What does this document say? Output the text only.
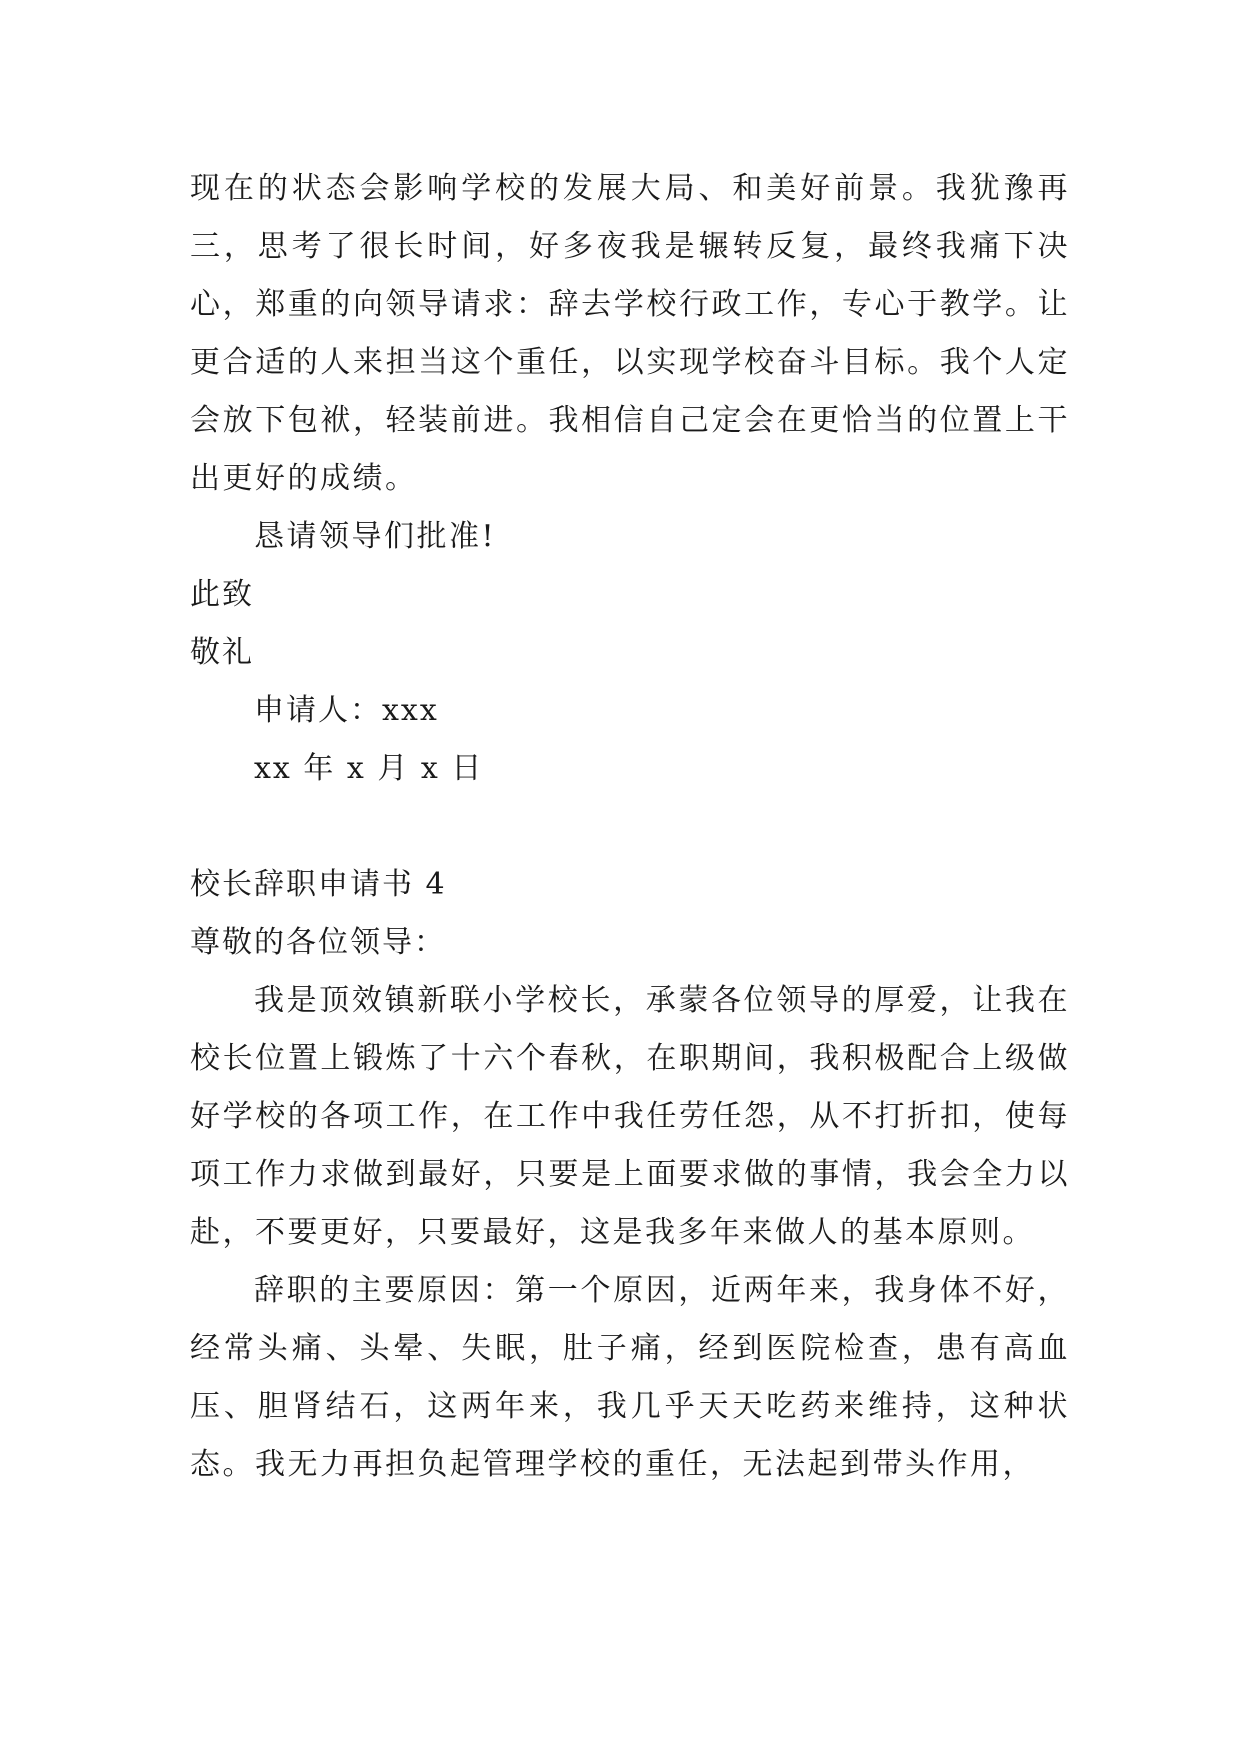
现在的状态会影响学校的发展大局、和美好前景。我犹豫再三，思考了很长时间，好多夜我是辗转反复，最终我痛下决心，郑重的向领导请求：辞去学校行政工作，专心于教学。让更合适的人来担当这个重任，以实现学校奋斗目标。我个人定会放下包袱，轻装前进。我相信自己定会在更恰当的位置上干出更好的成绩。

恳请领导们批准!

此致

敬礼

申请人：xxx

xx 年 x 月 x 日

校长辞职申请书 4

尊敬的各位领导：

我是顶效镇新联小学校长，承蒙各位领导的厚爱，让我在校长位置上锻炼了十六个春秋，在职期间，我积极配合上级做好学校的各项工作，在工作中我任劳任怨，从不打折扣，使每项工作力求做到最好，只要是上面要求做的事情，我会全力以赴，不要更好，只要最好，这是我多年来做人的基本原则。

辞职的主要原因：第一个原因，近两年来，我身体不好，经常头痛、头晕、失眠，肚子痛，经到医院检查，患有高血压、胆肾结石，这两年来，我几乎天天吃药来维持，这种状态。我无力再担负起管理学校的重任，无法起到带头作用，
